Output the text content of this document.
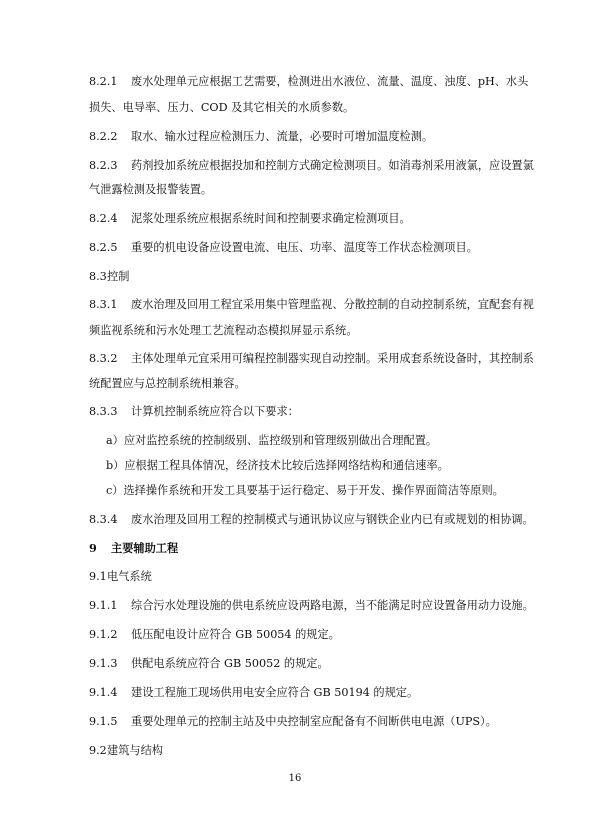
8.2.1 废水处理单元应根据工艺需要，检测进出水液位、流量、温度、浊度、pH、水头
损失、电导率、压力、COD 及其它相关的水质参数。
8.2.2 取水、输水过程应检测压力、流量，必要时可增加温度检测。
8.2.3 药剂投加系统应根据投加和控制方式确定检测项目。如消毒剂采用液氯，应设置氯
气泄露检测及报警装置。
8.2.4 泥浆处理系统应根据系统时间和控制要求确定检测项目。
8.2.5 重要的机电设备应设置电流、电压、功率、温度等工作状态检测项目。
8.3 控制
8.3.1 废水治理及回用工程宜采用集中管理监视、分散控制的自动控制系统，宜配套有视
频监视系统和污水处理工艺流程动态模拟屏显示系统。
8.3.2 主体处理单元宜采用可编程控制器实现自动控制。采用成套系统设备时，其控制系
统配置应与总控制系统相兼容。
8.3.3 计算机控制系统应符合以下要求：
a）应对监控系统的控制级别、监控级别和管理级别做出合理配置。
b）应根据工程具体情况，经济技术比较后选择网络结构和通信速率。
c）选择操作系统和开发工具要基于运行稳定、易于开发、操作界面简洁等原则。
8.3.4 废水治理及回用工程的控制模式与通讯协议应与钢铁企业内已有或规划的相协调。
9 主要辅助工程
9.1 电气系统
9.1.1 综合污水处理设施的供电系统应设两路电源，当不能满足时应设置备用动力设施。
9.1.2 低压配电设计应符合 GB 50054 的规定。
9.1.3 供配电系统应符合 GB 50052 的规定。
9.1.4 建设工程施工现场供用电安全应符合 GB 50194 的规定。
9.1.5 重要处理单元的控制主站及中央控制室应配备有不间断供电电源（UPS）。
9.2 建筑与结构
16
